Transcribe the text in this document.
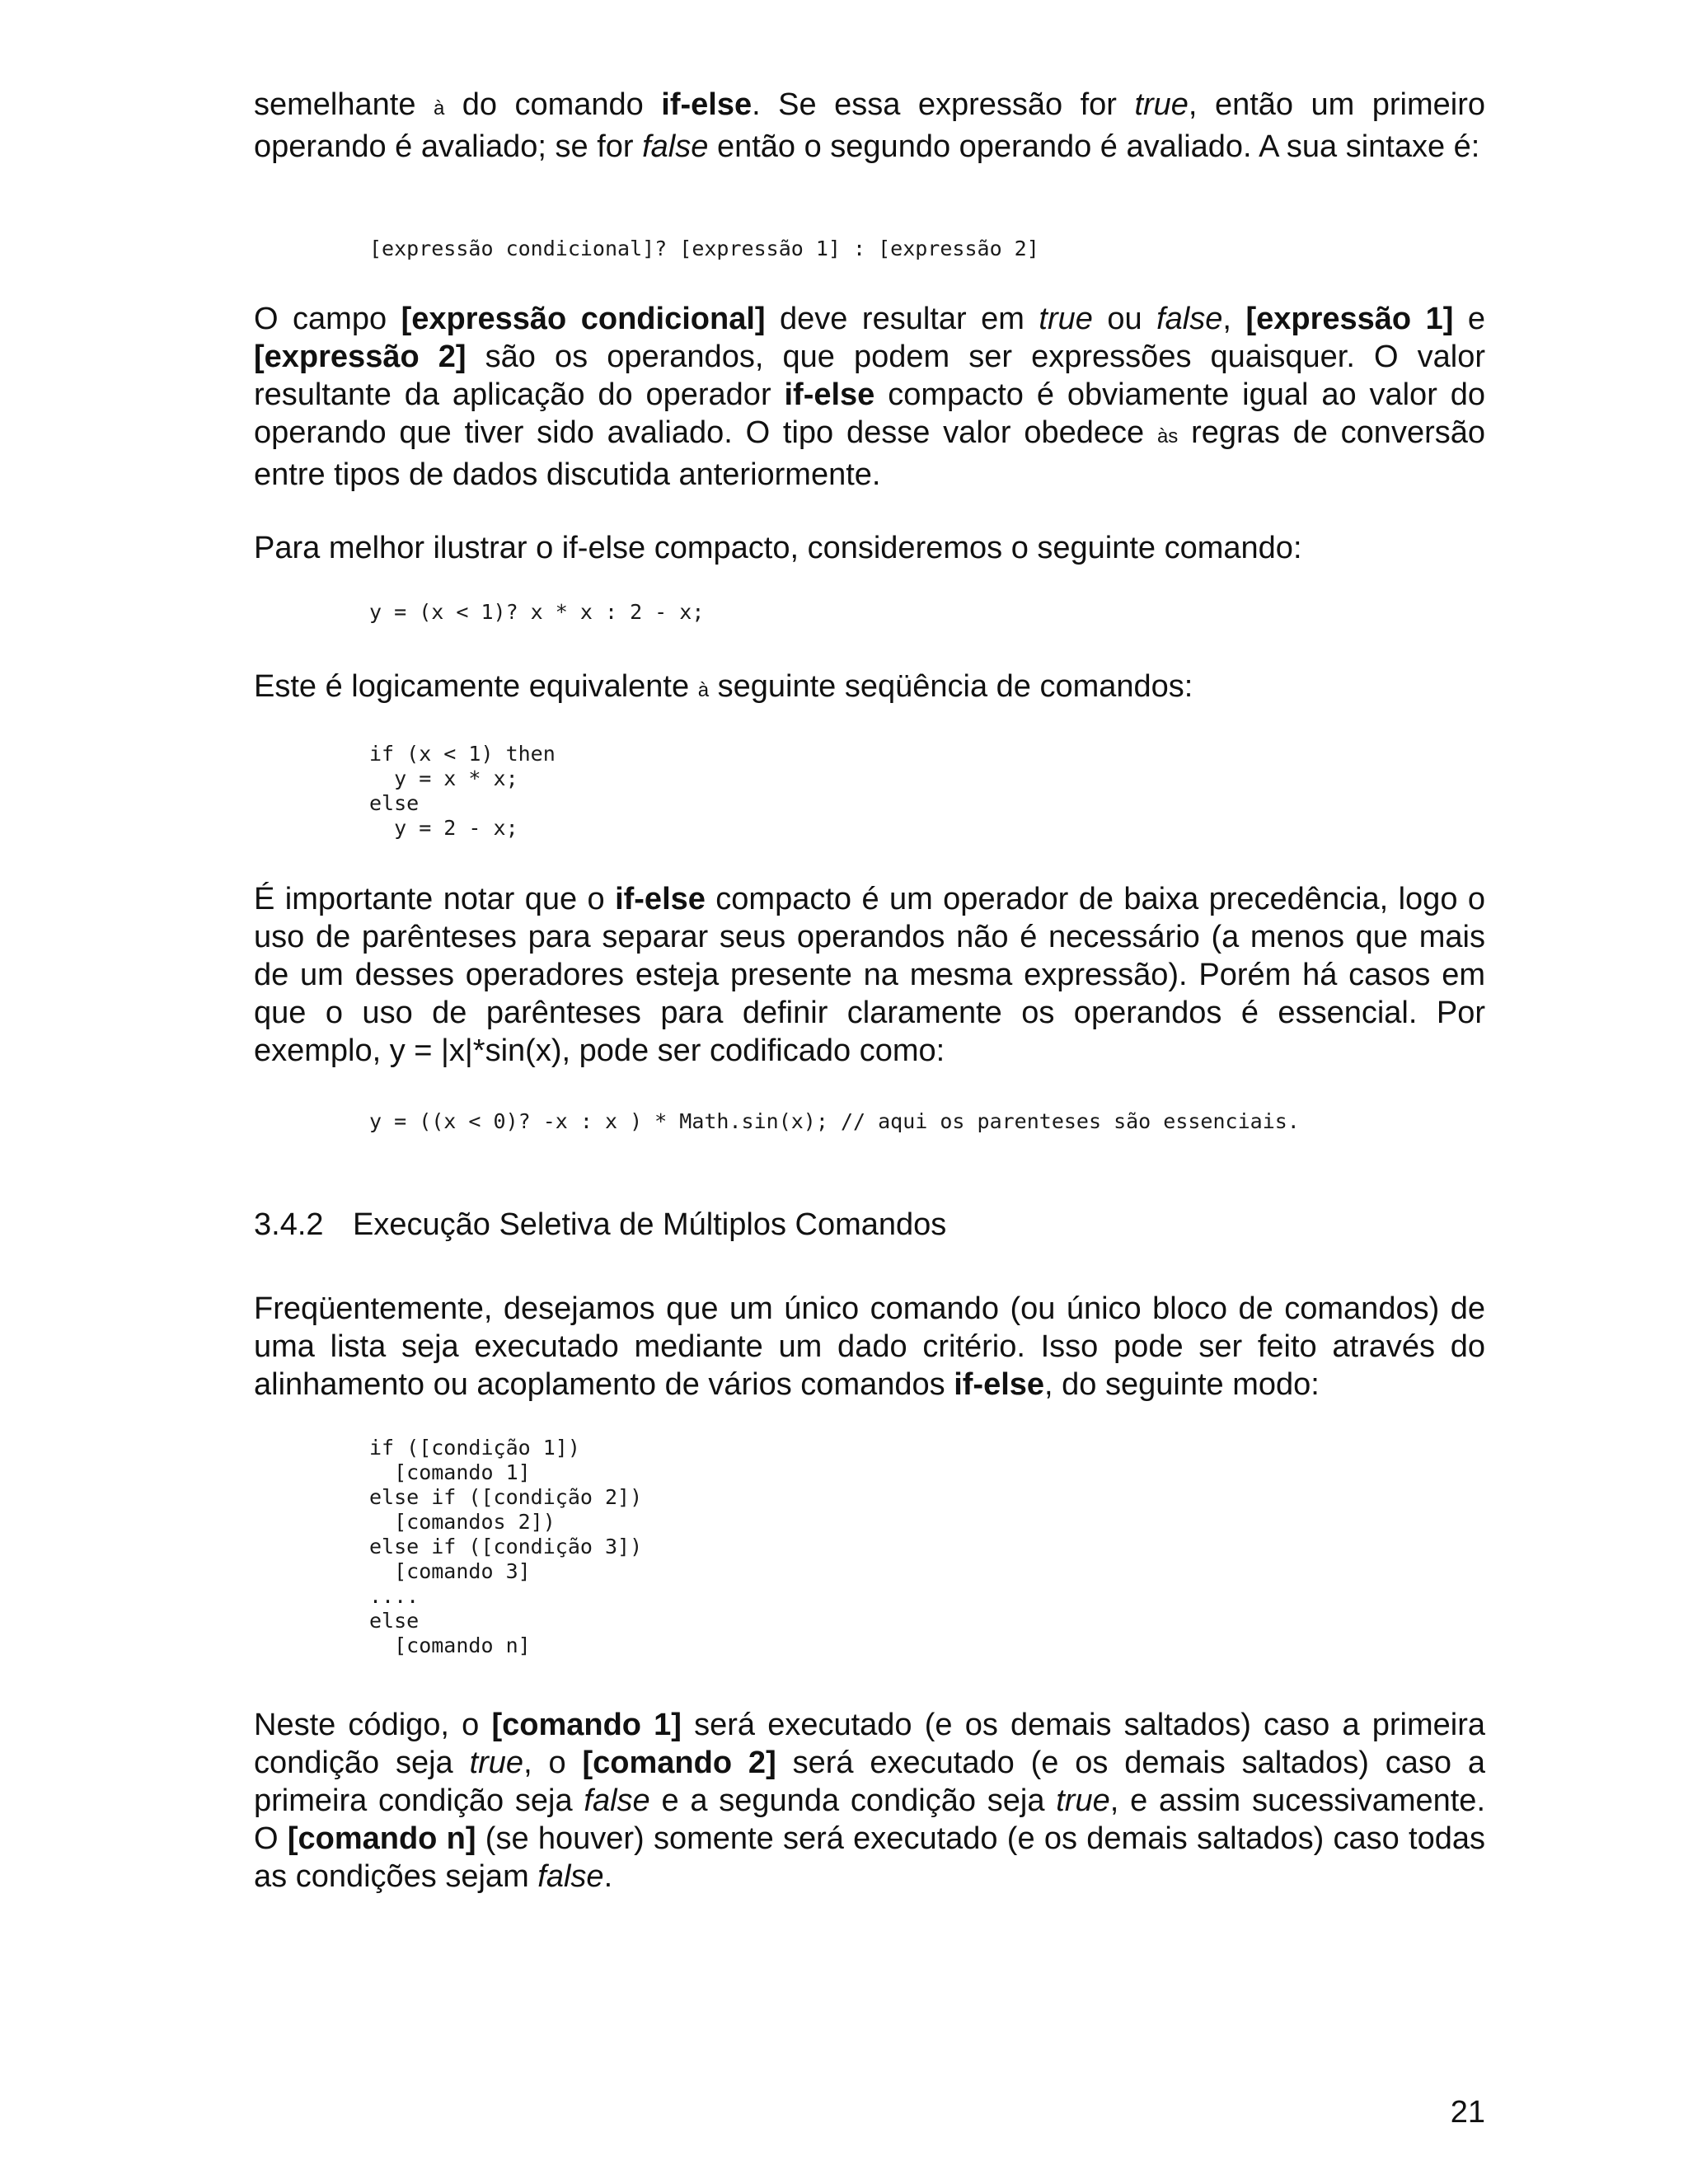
semelhante à do comando if-else. Se essa expressão for true, então um primeiro operando é avaliado; se for false então o segundo operando é avaliado. A sua sintaxe é:

[expressão condicional]? [expressão 1] : [expressão 2]

O campo [expressão condicional] deve resultar em true ou false, [expressão 1] e [expressão 2] são os operandos, que podem ser expressões quaisquer. O valor resultante da aplicação do operador if-else compacto é obviamente igual ao valor do operando que tiver sido avaliado. O tipo desse valor obedece às regras de conversão entre tipos de dados discutida anteriormente.

Para melhor ilustrar o if-else compacto, consideremos o seguinte comando:

y = (x < 1)? x * x : 2 - x;

Este é logicamente equivalente à seguinte seqüência de comandos:

if (x < 1) then
y = x * x;
else
y = 2 - x;

É importante notar que o if-else compacto é um operador de baixa precedência, logo o uso de parênteses para separar seus operandos não é necessário (a menos que mais de um desses operadores esteja presente na mesma expressão). Porém há casos em que o uso de parênteses para definir claramente os operandos é essencial. Por exemplo, y = |x|*sin(x), pode ser codificado como:

y = ((x < 0)? -x : x ) * Math.sin(x); // aqui os parenteses são essenciais.
3.4.2 Execução Seletiva de Múltiplos Comandos

Freqüentemente, desejamos que um único comando (ou único bloco de comandos) de uma lista seja executado mediante um dado critério. Isso pode ser feito através do alinhamento ou acoplamento de vários comandos if-else, do seguinte modo:

if ([condição 1])
[comando 1]
else if ([condição 2])
[comandos 2])
else if ([condição 3])
[comando 3]
....
else
[comando n]

Neste código, o [comando 1] será executado (e os demais saltados) caso a primeira condição seja true, o [comando 2] será executado (e os demais saltados) caso a primeira condição seja false e a segunda condição seja true, e assim sucessivamente. O [comando n] (se houver) somente será executado (e os demais saltados) caso todas as condições sejam false.

21
